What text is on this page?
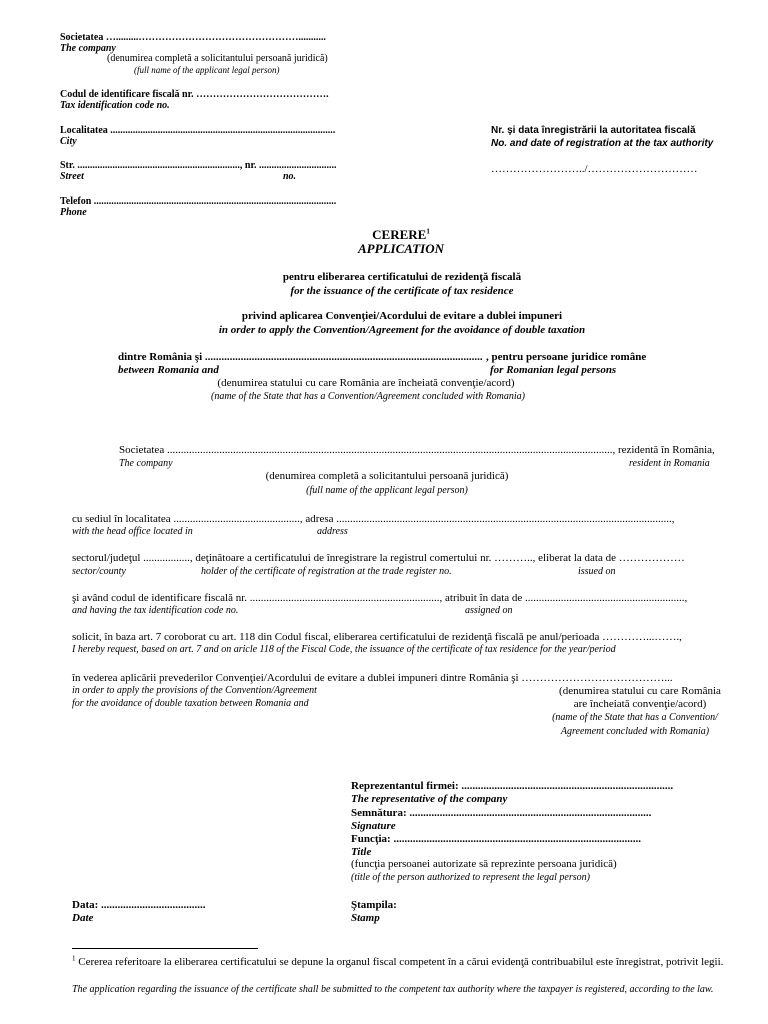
Societatea ….........…………………………………………...........
The company
(denumirea completă a solicitantului persoană juridică)
(full name of the applicant legal person)
Codul de identificare fiscală nr. ………………………………….
Tax identification code no.
Localitatea ..........................................................................................
City
Str. ................................................................., nr. ...............................
Street	no.
Telefon .................................................................................................
Phone
Nr. şi data înregistrării la autoritatea fiscală
No. and date of registration at the tax authority
……………………../…………………………
CERERE$^1$
APPLICATION
pentru eliberarea certificatului de rezidenţă fiscală
for the issuance of the certificate of tax residence
privind aplicarea Convenţiei/Acordului de evitare a dublei impuneri
in order to apply the Convention/Agreement for the avoidance of double taxation
dintre România şi ..................................................................................................... , pentru persoane juridice române
between Romania and	for Romanian legal persons
(denumirea statului cu care România are încheiată convenţie/acord)
(name of the State that has a Convention/Agreement concluded with Romania)
Societatea .................................................................................................................................................................., rezidentă în România,
The company	resident in Romania
(denumirea completă a solicitantului persoană juridică)
(full name of the applicant legal person)
cu sediul în localitatea .............................................., adresa ..........................................................................................................................,
with the head office located in	address
sectorul/judeţul ................., deţinătoare a certificatului de înregistrare la registrul comertului nr. ……….., eliberat la data de ………………
sector/county	holder of the certificate of registration at the trade register no.	issued on
şi având codul de identificare fiscală nr. ....................................................................., atribuit în data de ..........................................................,
and having the tax identification code no.	assigned on
solicit, în baza art. 7 coroborat cu art. 118 din Codul fiscal, eliberarea certificatului de rezidenţă fiscală pe anul/perioada …………...…….,
I hereby request, based on art. 7 and on aricle 118 of the Fiscal Code, the issuance of the certificate of tax residence for the year/period
în vederea aplicării prevederilor Convenţiei/Acordului de evitare a dublei impuneri dintre România şi …………………………………...
in order to apply the provisions of the Convention/Agreement
for the avoidance of double taxation between Romania and
(denumirea statului cu care România
are încheiată convenţie/acord)
(name of the State that has a Convention/
Agreement concluded with Romania)
Reprezentantul firmei: .............................................................................
The representative of the company
Semnătura: ........................................................................................
Signature
Funcţia: ..........................................................................................
Title
(funcţia persoanei autorizate să reprezinte persoana juridică)
(title of the person authorized to represent the legal person)
Data: ......................................
Date
Ştampila:
Stamp
$^1$ Cererea referitoare la eliberarea certificatului se depune la organul fiscal competent în a cărui evidenţă contribuabilul este înregistrat, potrivit legii.
The application regarding the issuance of the certificate shall be submitted to the competent tax authority where the taxpayer is registered, according to the law.
